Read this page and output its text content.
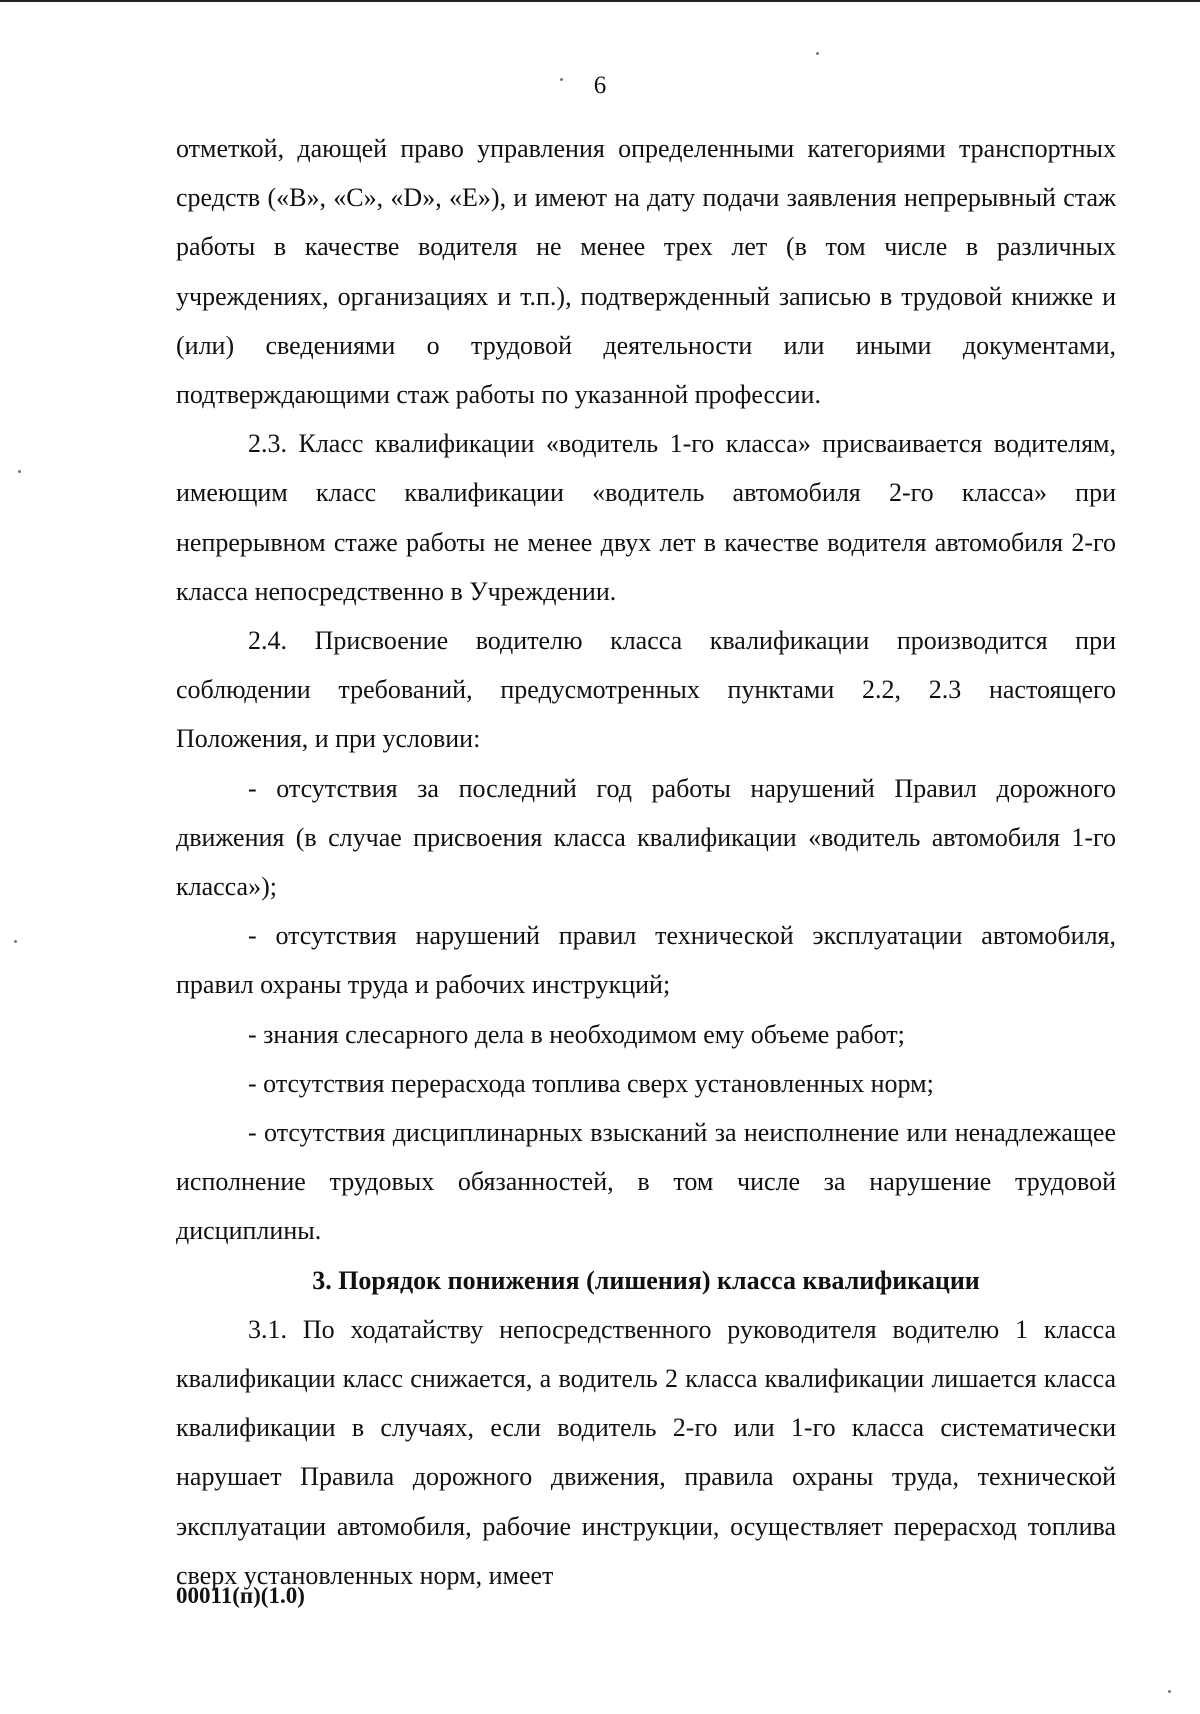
6

отметкой, дающей право управления определенными категориями транспортных средств («В», «С», «D», «Е»), и имеют на дату подачи заявления непрерывный стаж работы в качестве водителя не менее трех лет (в том числе в различных учреждениях, организациях и т.п.), подтвержденный записью в трудовой книжке и (или) сведениями о трудовой деятельности или иными документами, подтверждающими стаж работы по указанной профессии.

2.3. Класс квалификации «водитель 1-го класса» присваивается водителям, имеющим класс квалификации «водитель автомобиля 2-го класса» при непрерывном стаже работы не менее двух лет в качестве водителя автомобиля 2-го класса непосредственно в Учреждении.

2.4. Присвоение водителю класса квалификации производится при соблюдении требований, предусмотренных пунктами 2.2, 2.3 настоящего Положения, и при условии:

- отсутствия за последний год работы нарушений Правил дорожного движения (в случае присвоения класса квалификации «водитель автомобиля 1-го класса»);

- отсутствия нарушений правил технической эксплуатации автомобиля, правил охраны труда и рабочих инструкций;

- знания слесарного дела в необходимом ему объеме работ;

- отсутствия перерасхода топлива сверх установленных норм;

- отсутствия дисциплинарных взысканий за неисполнение или ненадлежащее исполнение трудовых обязанностей, в том числе за нарушение трудовой дисциплины.

3. Порядок понижения (лишения) класса квалификации

3.1. По ходатайству непосредственного руководителя водителю 1 класса квалификации класс снижается, а водитель 2 класса квалификации лишается класса квалификации в случаях, если водитель 2-го или 1-го класса систематически нарушает Правила дорожного движения, правила охраны труда, технической эксплуатации автомобиля, рабочие инструкции, осуществляет перерасход топлива сверх установленных норм, имеет

00011(п)(1.0)
